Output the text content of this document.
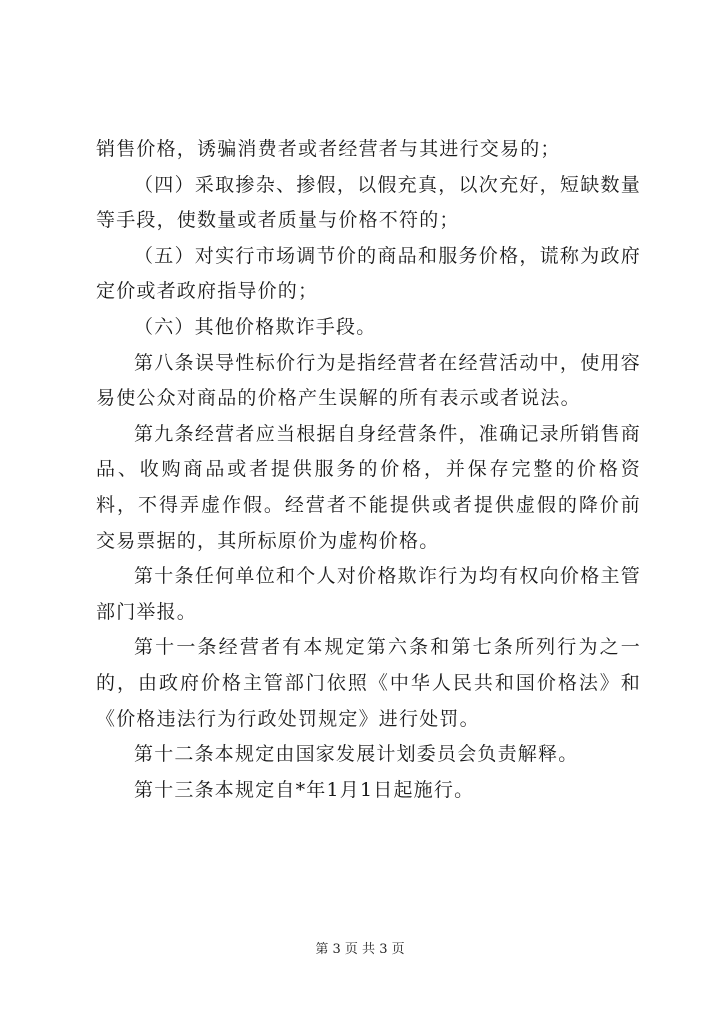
销售价格，诱骗消费者或者经营者与其进行交易的；

（四）采取掺杂、掺假，以假充真，以次充好，短缺数量等手段，使数量或者质量与价格不符的；

（五）对实行市场调节价的商品和服务价格，谎称为政府定价或者政府指导价的；

（六）其他价格欺诈手段。

第八条误导性标价行为是指经营者在经营活动中，使用容易使公众对商品的价格产生误解的所有表示或者说法。

第九条经营者应当根据自身经营条件，准确记录所销售商品、收购商品或者提供服务的价格，并保存完整的价格资料，不得弄虚作假。经营者不能提供或者提供虚假的降价前交易票据的，其所标原价为虚构价格。

第十条任何单位和个人对价格欺诈行为均有权向价格主管部门举报。

第十一条经营者有本规定第六条和第七条所列行为之一的，由政府价格主管部门依照《中华人民共和国价格法》和《价格违法行为行政处罚规定》进行处罚。

第十二条本规定由国家发展计划委员会负责解释。

第十三条本规定自*年1月1日起施行。

第 3 页 共 3 页
